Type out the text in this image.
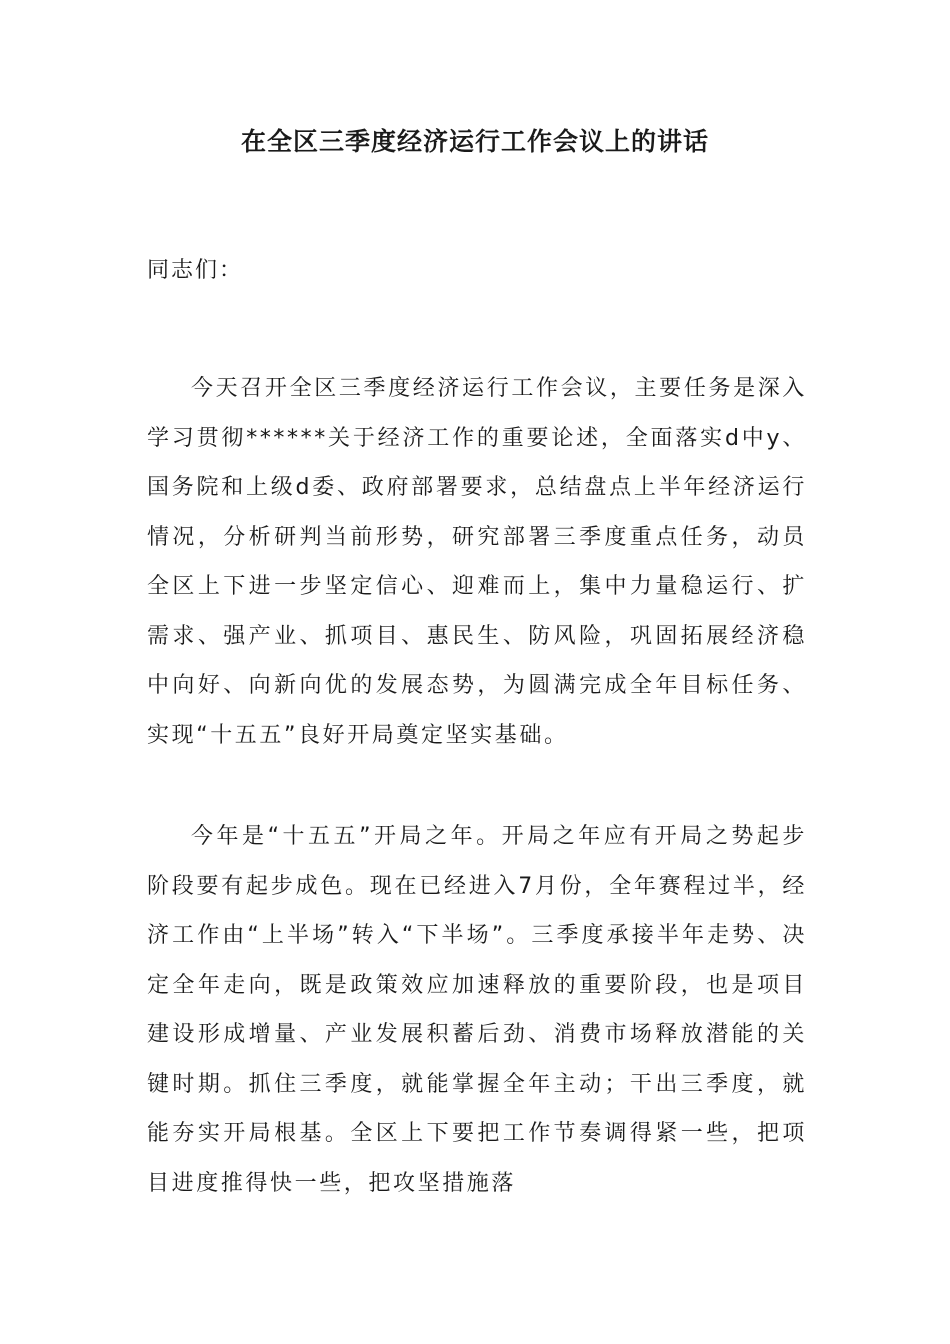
在全区三季度经济运行工作会议上的讲话
同志们：

今天召开全区三季度经济运行工作会议，主要任务是深入学习贯彻******关于经济工作的重要论述，全面落实d中y、国务院和上级d委、政府部署要求，总结盘点上半年经济运行情况，分析研判当前形势，研究部署三季度重点任务，动员全区上下进一步坚定信心、迎难而上，集中力量稳运行、扩需求、强产业、抓项目、惠民生、防风险，巩固拓展经济稳中向好、向新向优的发展态势，为圆满完成全年目标任务、实现“十五五”良好开局奠定坚实基础。

今年是“十五五”开局之年。开局之年应有开局之势起步阶段要有起步成色。现在已经进入7月份，全年赛程过半，经济工作由“上半场”转入“下半场”。三季度承接半年走势、决定全年走向，既是政策效应加速释放的重要阶段，也是项目建设形成增量、产业发展积蓄后劲、消费市场释放潜能的关键时期。抓住三季度，就能掌握全年主动；干出三季度，就能夯实开局根基。全区上下要把工作节奏调得紧一些，把项目进度推得快一些，把攻坚措施落
